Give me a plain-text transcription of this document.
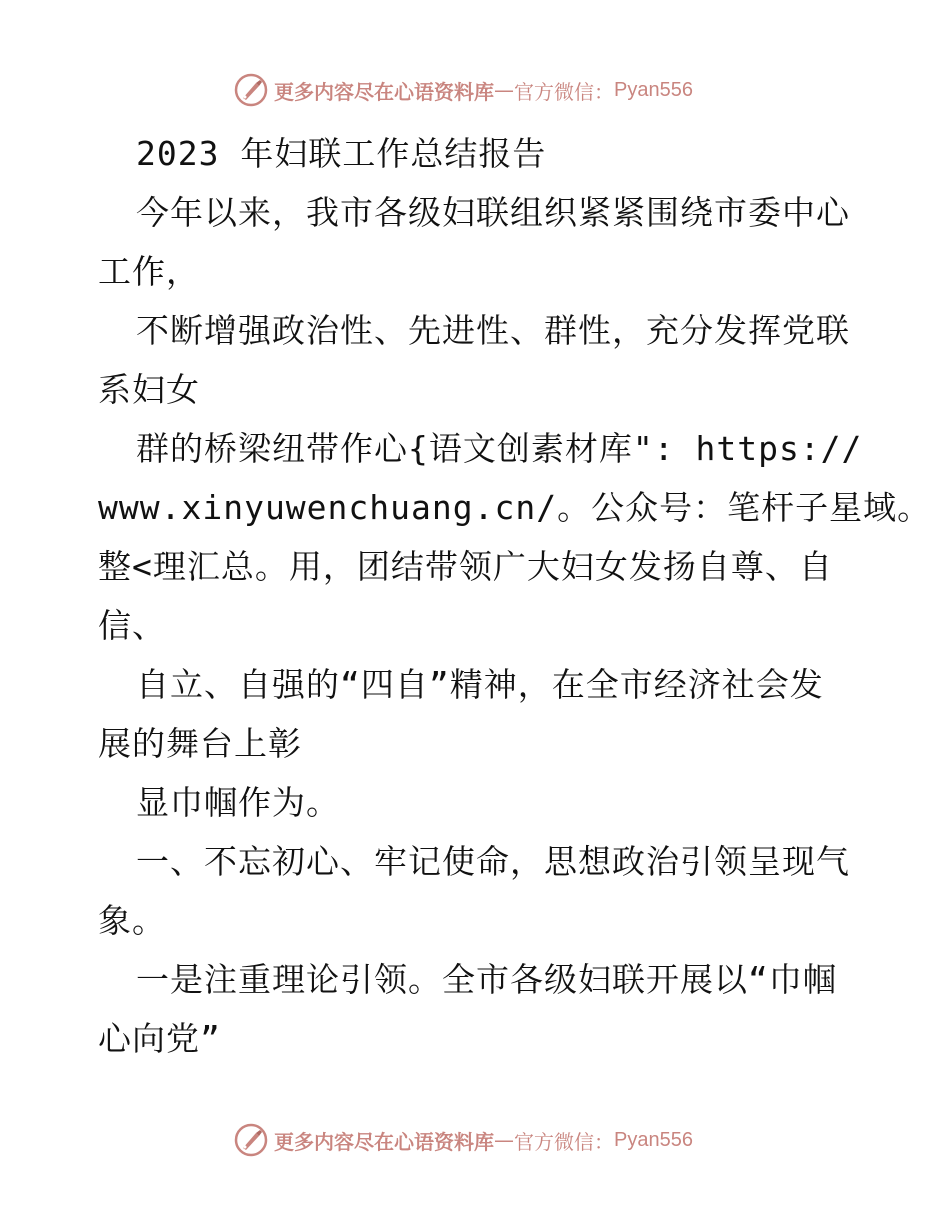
更多内容尽在心语资料库 — 官方微信： Pyan556
2023 年妇联工作总结报告
今年以来，我市各级妇联组织紧紧围绕市委中心
工作，
不断增强政治性、先进性、群性，充分发挥党联
系妇女
群的桥梁纽带作心{语文创素材库": https://
www.xinyuwenchuang.cn/。公众号：笔杆子星域。
整<理汇总。用，团结带领广大妇女发扬自尊、自
信、
自立、自强的“四自”精神，在全市经济社会发
展的舞台上彰
显巾帼作为。
一、不忘初心、牢记使命，思想政治引领呈现气
象。
一是注重理论引领。全市各级妇联开展以“巾帼
心向党”
更多内容尽在心语资料库 — 官方微信： Pyan556
